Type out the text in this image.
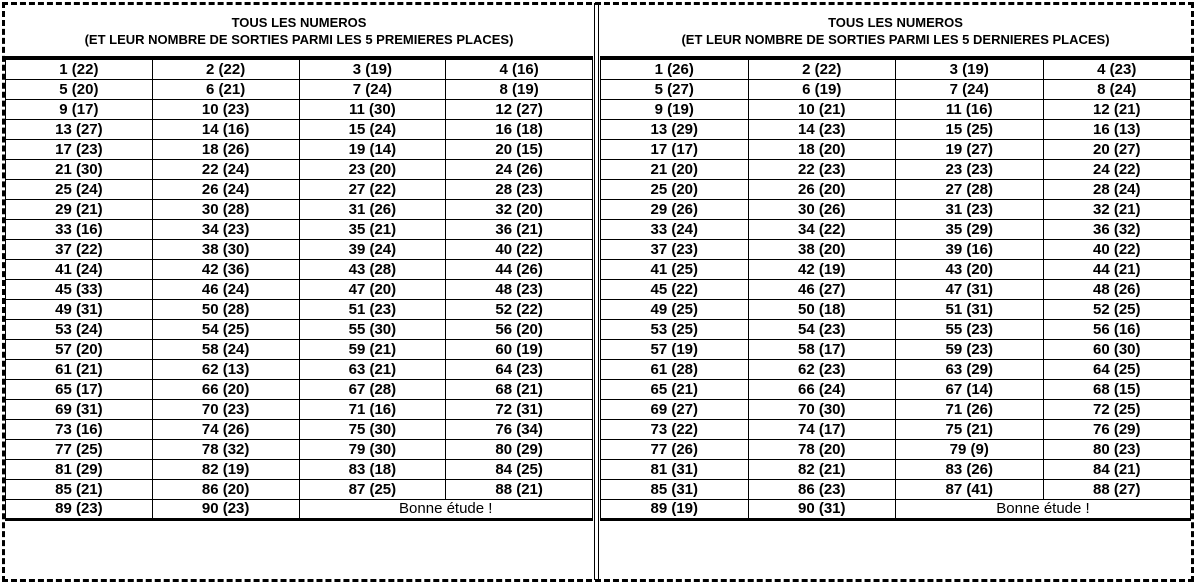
TOUS LES NUMEROS
(ET LEUR NOMBRE DE SORTIES PARMI LES 5 PREMIERES PLACES)
1 (22)	2 (22)	3 (19)	4 (16)
5 (20)	6 (21)	7 (24)	8 (19)
9 (17)	10 (23)	11 (30)	12 (27)
13 (27)	14 (16)	15 (24)	16 (18)
17 (23)	18 (26)	19 (14)	20 (15)
21 (30)	22 (24)	23 (20)	24 (26)
25 (24)	26 (24)	27 (22)	28 (23)
29 (21)	30 (28)	31 (26)	32 (20)
33 (16)	34 (23)	35 (21)	36 (21)
37 (22)	38 (30)	39 (24)	40 (22)
41 (24)	42 (36)	43 (28)	44 (26)
45 (33)	46 (24)	47 (20)	48 (23)
49 (31)	50 (28)	51 (23)	52 (22)
53 (24)	54 (25)	55 (30)	56 (20)
57 (20)	58 (24)	59 (21)	60 (19)
61 (21)	62 (13)	63 (21)	64 (23)
65 (17)	66 (20)	67 (28)	68 (21)
69 (31)	70 (23)	71 (16)	72 (31)
73 (16)	74 (26)	75 (30)	76 (34)
77 (25)	78 (32)	79 (30)	80 (29)
81 (29)	82 (19)	83 (18)	84 (25)
85 (21)	86 (20)	87 (25)	88 (21)
89 (23)	90 (23)	Bonne étude !	
TOUS LES NUMEROS
(ET LEUR NOMBRE DE SORTIES PARMI LES 5 DERNIERES PLACES)
1 (26)	2 (22)	3 (19)	4 (23)
5 (27)	6 (19)	7 (24)	8 (24)
9 (19)	10 (21)	11 (16)	12 (21)
13 (29)	14 (23)	15 (25)	16 (13)
17 (17)	18 (20)	19 (27)	20 (27)
21 (20)	22 (23)	23 (23)	24 (22)
25 (20)	26 (20)	27 (28)	28 (24)
29 (26)	30 (26)	31 (23)	32 (21)
33 (24)	34 (22)	35 (29)	36 (32)
37 (23)	38 (20)	39 (16)	40 (22)
41 (25)	42 (19)	43 (20)	44 (21)
45 (22)	46 (27)	47 (31)	48 (26)
49 (25)	50 (18)	51 (31)	52 (25)
53 (25)	54 (23)	55 (23)	56 (16)
57 (19)	58 (17)	59 (23)	60 (30)
61 (28)	62 (23)	63 (29)	64 (25)
65 (21)	66 (24)	67 (14)	68 (15)
69 (27)	70 (30)	71 (26)	72 (25)
73 (22)	74 (17)	75 (21)	76 (29)
77 (26)	78 (20)	79 (9)	80 (23)
81 (31)	82 (21)	83 (26)	84 (21)
85 (31)	86 (23)	87 (41)	88 (27)
89 (19)	90 (31)	Bonne étude !	
